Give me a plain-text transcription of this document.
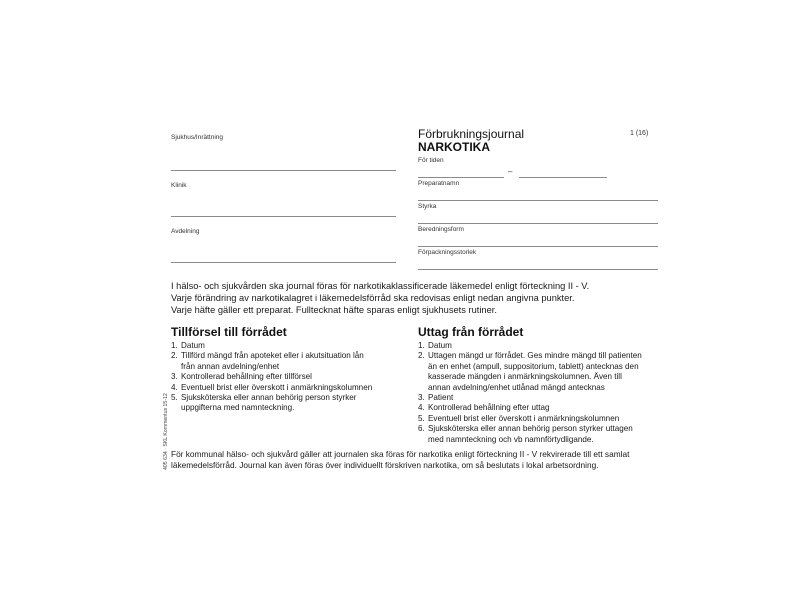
Sjukhus/Inrättning
Klinik
Avdelning
Förbrukningsjournal
NARKOTIKA
1 (16)
För tiden
–
Preparatnamn
Styrka
Beredningsform
Förpackningsstorlek
I hälso- och sjukvården ska journal föras för narkotikaklassificerade läkemedel enligt förteckning II - V.
Varje förändring av narkotikalagret i läkemedelsförråd ska redovisas enligt nedan angivna punkter.
Varje häfte gäller ett preparat. Fulltecknat häfte sparas enligt sjukhusets rutiner.
Tillförsel till förrådet
1. Datum
2. Tillförd mängd från apoteket eller i akutsituation lån
från annan avdelning/enhet
3. Kontrollerad behållning efter tillförsel
4. Eventuell brist eller överskott i anmärkningskolumnen
5. Sjuksköterska eller annan behörig person styrker
uppgifterna med namnteckning.
Uttag från förrådet
1. Datum
2. Uttagen mängd ur förrådet. Ges mindre mängd till patienten
än en enhet (ampull, suppositorium, tablett) antecknas den
kasserade mängden i anmärkningskolumnen. Även till
annan avdelning/enhet utlånad mängd antecknas
3. Patient
4. Kontrollerad behållning efter uttag
5. Eventuell brist eller överskott i anmärkningskolumnen
6. Sjuksköterska eller annan behörig person styrker uttagen
med namnteckning och vb namnförtydligande.
För kommunal hälso- och sjukvård gäller att journalen ska föras för narkotika enligt förteckning II - V rekvirerade till ett samlat
läkemedelsförråd. Journal kan även föras över individuellt förskriven narkotika, om så beslutats i lokal arbetsordning.
405 634 · SKL Kommentus 15-12
